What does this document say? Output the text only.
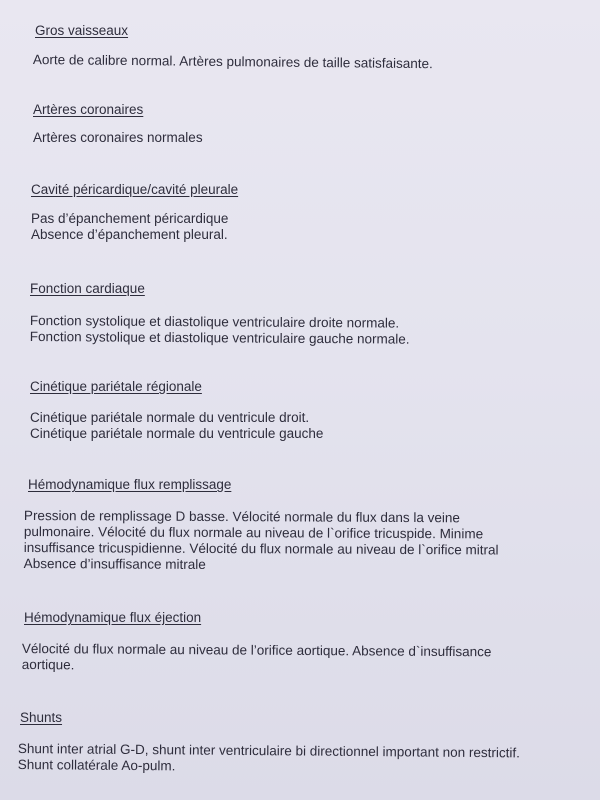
Gros vaisseaux

Aorte de calibre normal. Artères pulmonaires de taille satisfaisante.

Artères coronaires

Artères coronaires normales

Cavité péricardique/cavité pleurale

Pas d’épanchement péricardique
Absence d’épanchement pleural.

Fonction cardiaque

Fonction systolique et diastolique ventriculaire droite normale.
Fonction systolique et diastolique ventriculaire gauche normale.

Cinétique pariétale régionale

Cinétique pariétale normale du ventricule droit.
Cinétique pariétale normale du ventricule gauche

Hémodynamique flux remplissage

Pression de remplissage D basse. Vélocité normale du flux dans la veine
pulmonaire. Vélocité du flux normale au niveau de l`orifice tricuspide. Minime
insuffisance tricuspidienne. Vélocité du flux normale au niveau de l`orifice mitral
Absence d’insuffisance mitrale

Hémodynamique flux éjection

Vélocité du flux normale au niveau de l’orifice aortique. Absence d`insuffisance
aortique.

Shunts

Shunt inter atrial G-D, shunt inter ventriculaire bi directionnel important non restrictif.
Shunt collatérale Ao-pulm.
